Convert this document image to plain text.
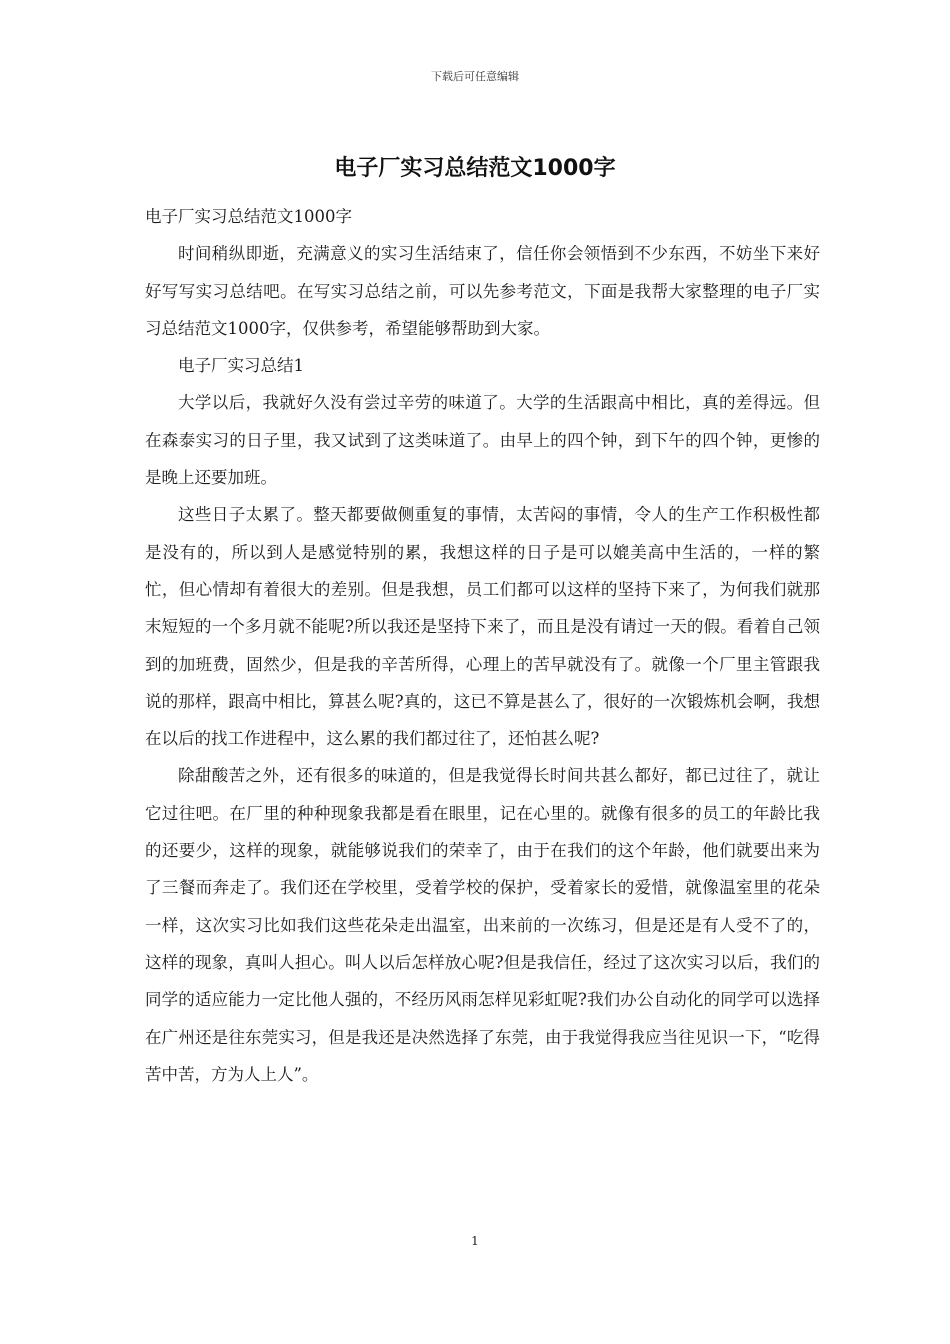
下载后可任意编辑
电子厂实习总结范文1000字

电子厂实习总结范文1000字

时间稍纵即逝，充满意义的实习生活结束了，信任你会领悟到不少东西，不妨坐下来好好写写实习总结吧。在写实习总结之前，可以先参考范文，下面是我帮大家整理的电子厂实习总结范文1000字，仅供参考，希望能够帮助到大家。

电子厂实习总结1

大学以后，我就好久没有尝过辛劳的味道了。大学的生活跟高中相比，真的差得远。但在森泰实习的日子里，我又试到了这类味道了。由早上的四个钟，到下午的四个钟，更惨的是晚上还要加班。

这些日子太累了。整天都要做侧重复的事情，太苦闷的事情，令人的生产工作积极性都是没有的，所以到人是感觉特别的累，我想这样的日子是可以媲美高中生活的，一样的繁忙，但心情却有着很大的差别。但是我想，员工们都可以这样的坚持下来了，为何我们就那末短短的一个多月就不能呢?所以我还是坚持下来了，而且是没有请过一天的假。看着自己领到的加班费，固然少，但是我的辛苦所得，心理上的苦早就没有了。就像一个厂里主管跟我说的那样，跟高中相比，算甚么呢?真的，这已不算是甚么了，很好的一次锻炼机会啊，我想在以后的找工作进程中，这么累的我们都过往了，还怕甚么呢?

除甜酸苦之外，还有很多的味道的，但是我觉得长时间共甚么都好，都已过往了，就让它过往吧。在厂里的种种现象我都是看在眼里，记在心里的。就像有很多的员工的年龄比我的还要少，这样的现象，就能够说我们的荣幸了，由于在我们的这个年龄，他们就要出来为了三餐而奔走了。我们还在学校里，受着学校的保护，受着家长的爱惜，就像温室里的花朵一样，这次实习比如我们这些花朵走出温室，出来前的一次练习，但是还是有人受不了的，这样的现象，真叫人担心。叫人以后怎样放心呢?但是我信任，经过了这次实习以后，我们的同学的适应能力一定比他人强的，不经历风雨怎样见彩虹呢?我们办公自动化的同学可以选择在广州还是往东莞实习，但是我还是决然选择了东莞，由于我觉得我应当往见识一下，“吃得苦中苦，方为人上人”。

1
